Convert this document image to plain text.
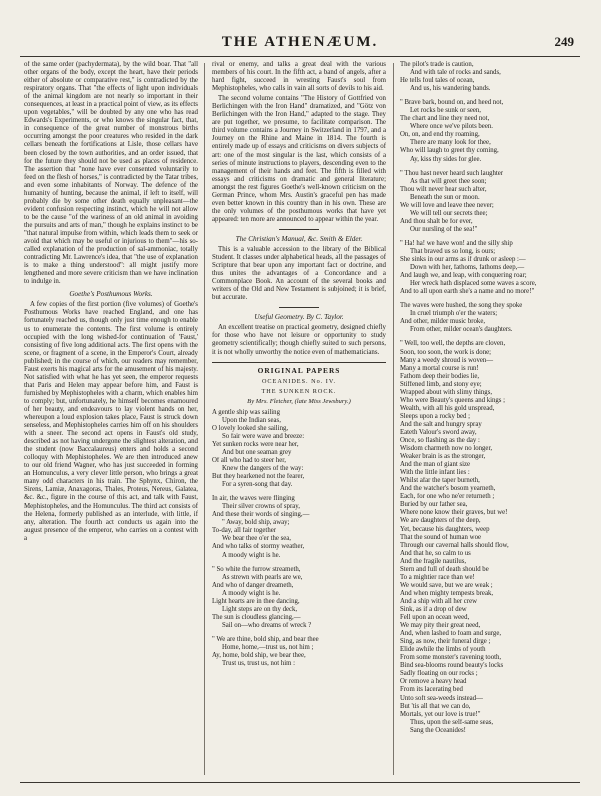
THE ATHENÆUM.	249

of the same order (pachydermata), by the wild boar. That "all other organs of the body, except the heart, have their periods either of absolute or comparative rest," is contradicted by the respiratory organs. That "the effects of light upon individuals of the animal kingdom are not nearly so important in their consequences, at least in a practical point of view, as its effects upon vegetables," will be doubted by any one who has read Edwards's Experiments, or who knows the singular fact, that, in consequence of the great number of monstrous births occurring amongst the poor creatures who resided in the dark cellars beneath the fortifications at Lisle, those cellars have been closed by the town authorities, and an order issued, that for the future they should not be used as places of residence. The assertion that "none have ever consented voluntarily to feed on the flesh of horses," is contradicted by the Tatar tribes, and even some inhabitants of Norway. The defence of the humanity of hunting, because the animal, if left to itself, will probably die by some other death equally unpleasant—the evident confusion respecting instinct, which he will not allow to be the cause "of the wariness of an old animal in avoiding the pursuits and arts of man," though he explains instinct to be "that natural impulse from within, which leads them to seek or avoid that which may be useful or injurious to them"—his so-called explanation of the production of sal-ammoniac, totally contradicting Mr. Lawrence's idea, that "the use of explanation is to make a thing understood": all might justify more lengthened and more severe criticism than we have inclination to indulge in.

Goethe's Posthumous Works.

A few copies of the first portion (five volumes) of Goethe's Posthumous Works have reached England, and one has fortunately reached us, though only just time enough to enable us to enumerate the contents. The first volume is entirely occupied with the long wished-for continuation of 'Faust,' consisting of five long additional acts. The first opens with the scene, or fragment of a scene, in the Emperor's Court, already published; in the course of which, our readers may remember, Faust exerts his magical arts for the amusement of his majesty. Not satisfied with what he has yet seen, the emperor requests that Paris and Helen may appear before him, and Faust is furnished by Mephistopheles with a charm, which enables him to comply; but, unfortunately, he himself becomes enamoured of her beauty, and endeavours to lay violent hands on her, whereupon a loud explosion takes place, Faust is struck down senseless, and Mephistopheles carries him off on his shoulders with a sneer. The second act opens in Faust's old study, described as not having undergone the slightest alteration, and the student (now Baccalaureus) enters and holds a second colloquy with Mephistopheles. We are then introduced anew to our old friend Wagner, who has just succeeded in forming an Homunculus, a very clever little person, who brings a great many odd characters in his train. The Sphynx, Chiron, the Sirens, Lamiæ, Anaxagoras, Thales, Proteus, Nereus, Galatea, &c. &c., figure in the course of this act, and talk with Faust, Mephistopheles, and the Homunculus. The third act consists of the Helena, formerly published as an interlude, with little, if any, alteration. The fourth act conducts us again into the august presence of the emperor, who carries on a contest with a

rival or enemy, and talks a great deal with the various members of his court. In the fifth act, a band of angels, after a hard fight, succeed in wresting Faust's soul from Mephistopheles, who calls in vain all sorts of devils to his aid.

The second volume contains "The History of Gottfried von Berlichingen with the Iron Hand" dramatized, and "Götz von Berlichingen with the Iron Hand," adapted to the stage. They are put together, we presume, to facilitate comparison. The third volume contains a Journey in Switzerland in 1797, and a Journey on the Rhine and Maine in 1814. The fourth is entirely made up of essays and criticisms on divers subjects of art: one of the most singular is the last, which consists of a series of minute instructions to players, descending even to the management of their hands and feet. The fifth is filled with essays and criticisms on dramatic and general literature; amongst the rest figures Goethe's well-known criticism on the German Prince, whom Mrs. Austin's graceful pen has made even better known in this country than in his own. These are the only volumes of the posthumous works that have yet appeared: ten more are announced to appear within the year.

The Christian's Manual, &c. Smith & Elder.

This is a valuable accession to the library of the Biblical Student. It classes under alphabetical heads, all the passages of Scripture that bear upon any important fact or doctrine, and thus unites the advantages of a Concordance and a Commonplace Book. An account of the several books and writers of the Old and New Testament is subjoined; it is brief, but accurate.

Useful Geometry. By C. Taylor.

An excellent treatise on practical geometry, designed chiefly for those who have not leisure or opportunity to study geometry scientifically; though chiefly suited to such persons, it is not wholly unworthy the notice even of mathematicians.

ORIGINAL PAPERS
OCEANIDES. No. IV.
THE SUNKEN ROCK.
By Mrs. Fletcher, (late Miss Jewsbury.)
A gentle ship was sailing
Upon the Indian seas,
O lovely looked she sailing,
So fair were wave and breeze:
Yet sunken rocks were near her,
And but one seaman grey
Of all who had to steer her,
Knew the dangers of the way:
But they hearkened not the fearer,
For a syren-song that day.
In air, the waves were flinging
Their silver crowns of spray,
And these their words of singing,—
" Away, bold ship, away;
To-day, all fair together
We bear thee o'er the sea,
And who talks of stormy weather,
A moody wight is he.
" So white the furrow streameth,
As strewn with pearls are we,
And who of danger dreameth,
A moody wight is he.
Light hearts are in thee dancing,
Light steps are on thy deck,
The sun is cloudless glancing,—
Sail on—who dreams of wreck ?
" We are thine, bold ship, and bear thee
Home, home,—trust us, not him ;
Ay, home, bold ship, we bear thee,
Trust us, trust us, not him :
The pilot's trade is caution,
And with tale of rocks and sands,
He tells foul tales of ocean,
And us, his wandering bands.
" Brave bark, bound on, and heed not,
Let rocks be sunk or seen,
The chart and line they need not,
Where once we've pilots been.
On, on, and end thy roaming,
There are many look for thee,
Who will laugh to greet thy coming,
Ay, kiss thy sides for glee.
" Thou hast never heard such laughter
As that will greet thee soon;
Thou wilt never hear such after,
Beneath the sun or moon.
We will love and leave thee never;
We will tell our secrets thee;
And thou shalt be for ever,
Our nursling of the sea!"
" Ha! ha! we have won! and the silly ship
That braved us so long, is ours;
She sinks in our arms as if drunk or asleep :—
Down with her, fathoms, fathoms deep,—
And laugh we, and leap, with conquering roar;
Her wreck hath displaced some waves a score,
And to all upon earth she's a name and no more!"
The waves were hushed, the song they spoke
In cruel triumph o'er the waters;
And other, milder music broke,
From other, milder ocean's daughters.
" Well, too well, the depths are cloven,
Soon, too soon, the work is done;
Many a weedy shroud is woven—
Many a mortal course is run!
Fathom deep their bodies lie,
Stiffened limb, and stony eye;
Wrapped about with slimy things,
Who were Beauty's queens and kings ;
Wealth, with all his gold unspread,
Sleeps upon a rocky bed ;
And the salt and hungry spray
Eateth Valour's sword away,
Once, so flashing as the day :
Wisdom charmeth now no longer,
Weaker brain is as the stronger,
And the man of giant size
With the little infant lies :
Whilst afar the taper burneth,
And the watcher's bosom yearneth,
Each, for one who ne'er returneth ;
Buried by our father sea,
Where none know their graves, but we!
We are daughters of the deep,
Yet, because his daughters, weep
That the sound of human woe
Through our cavernal halls should flow,
And that he, so calm to us
And the fragile nautilus,
Stern and full of death should be
To a mightier race than we!
We would save, but we are weak ;
And when mighty tempests break,
And a ship with all her crew
Sink, as if a drop of dew
Fell upon an ocean weed,
We may pity their great need,
And, when lashed to foam and surge,
Sing, as now, their funeral dirge ;
Elide awhile the limbs of youth
From some monster's ravening tooth,
Bind sea-blooms round beauty's locks
Sadly floating on our rocks ;
Or remove a heavy head
From its lacerating bed
Unto soft sea-weeds instead—
But 'tis all that we can do,
Mortals, yet our love is true!"
Thus, upon the self-same seas,
Sang the Oceanides!
